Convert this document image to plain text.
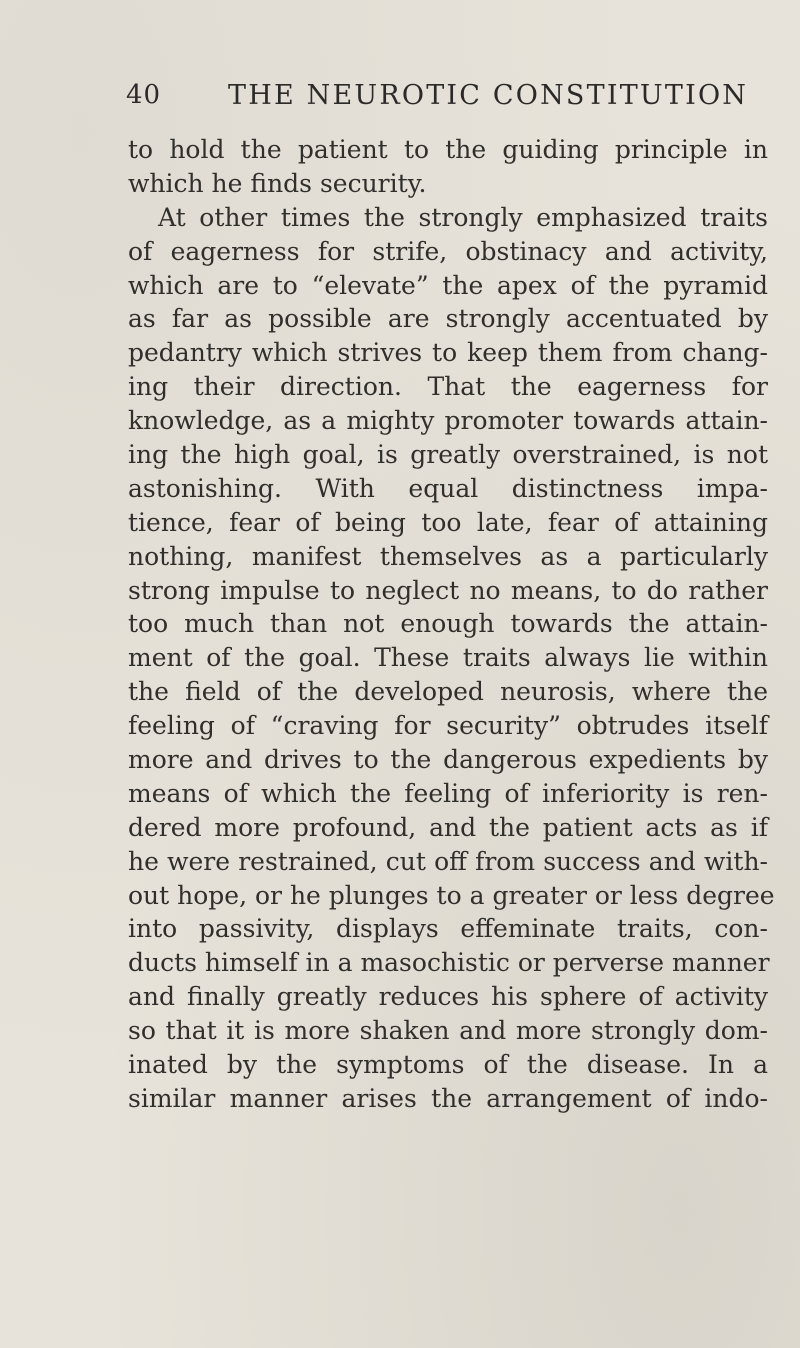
40 THE NEUROTIC CONSTITUTION
to hold the patient to the guiding principle in
which he finds security.
At other times the strongly emphasized traits
of eagerness for strife, obstinacy and activity,
which are to “elevate” the apex of the pyramid
as far as possible are strongly accentuated by
pedantry which strives to keep them from chang-
ing their direction. That the eagerness for
knowledge, as a mighty promoter towards attain-
ing the high goal, is greatly overstrained, is not
astonishing. With equal distinctness impa-
tience, fear of being too late, fear of attaining
nothing, manifest themselves as a particularly
strong impulse to neglect no means, to do rather
too much than not enough towards the attain-
ment of the goal. These traits always lie within
the field of the developed neurosis, where the
feeling of “craving for security” obtrudes itself
more and drives to the dangerous expedients by
means of which the feeling of inferiority is ren-
dered more profound, and the patient acts as if
he were restrained, cut off from success and with-
out hope, or he plunges to a greater or less degree
into passivity, displays effeminate traits, con-
ducts himself in a masochistic or perverse manner
and finally greatly reduces his sphere of activity
so that it is more shaken and more strongly dom-
inated by the symptoms of the disease. In a
similar manner arises the arrangement of indo-
